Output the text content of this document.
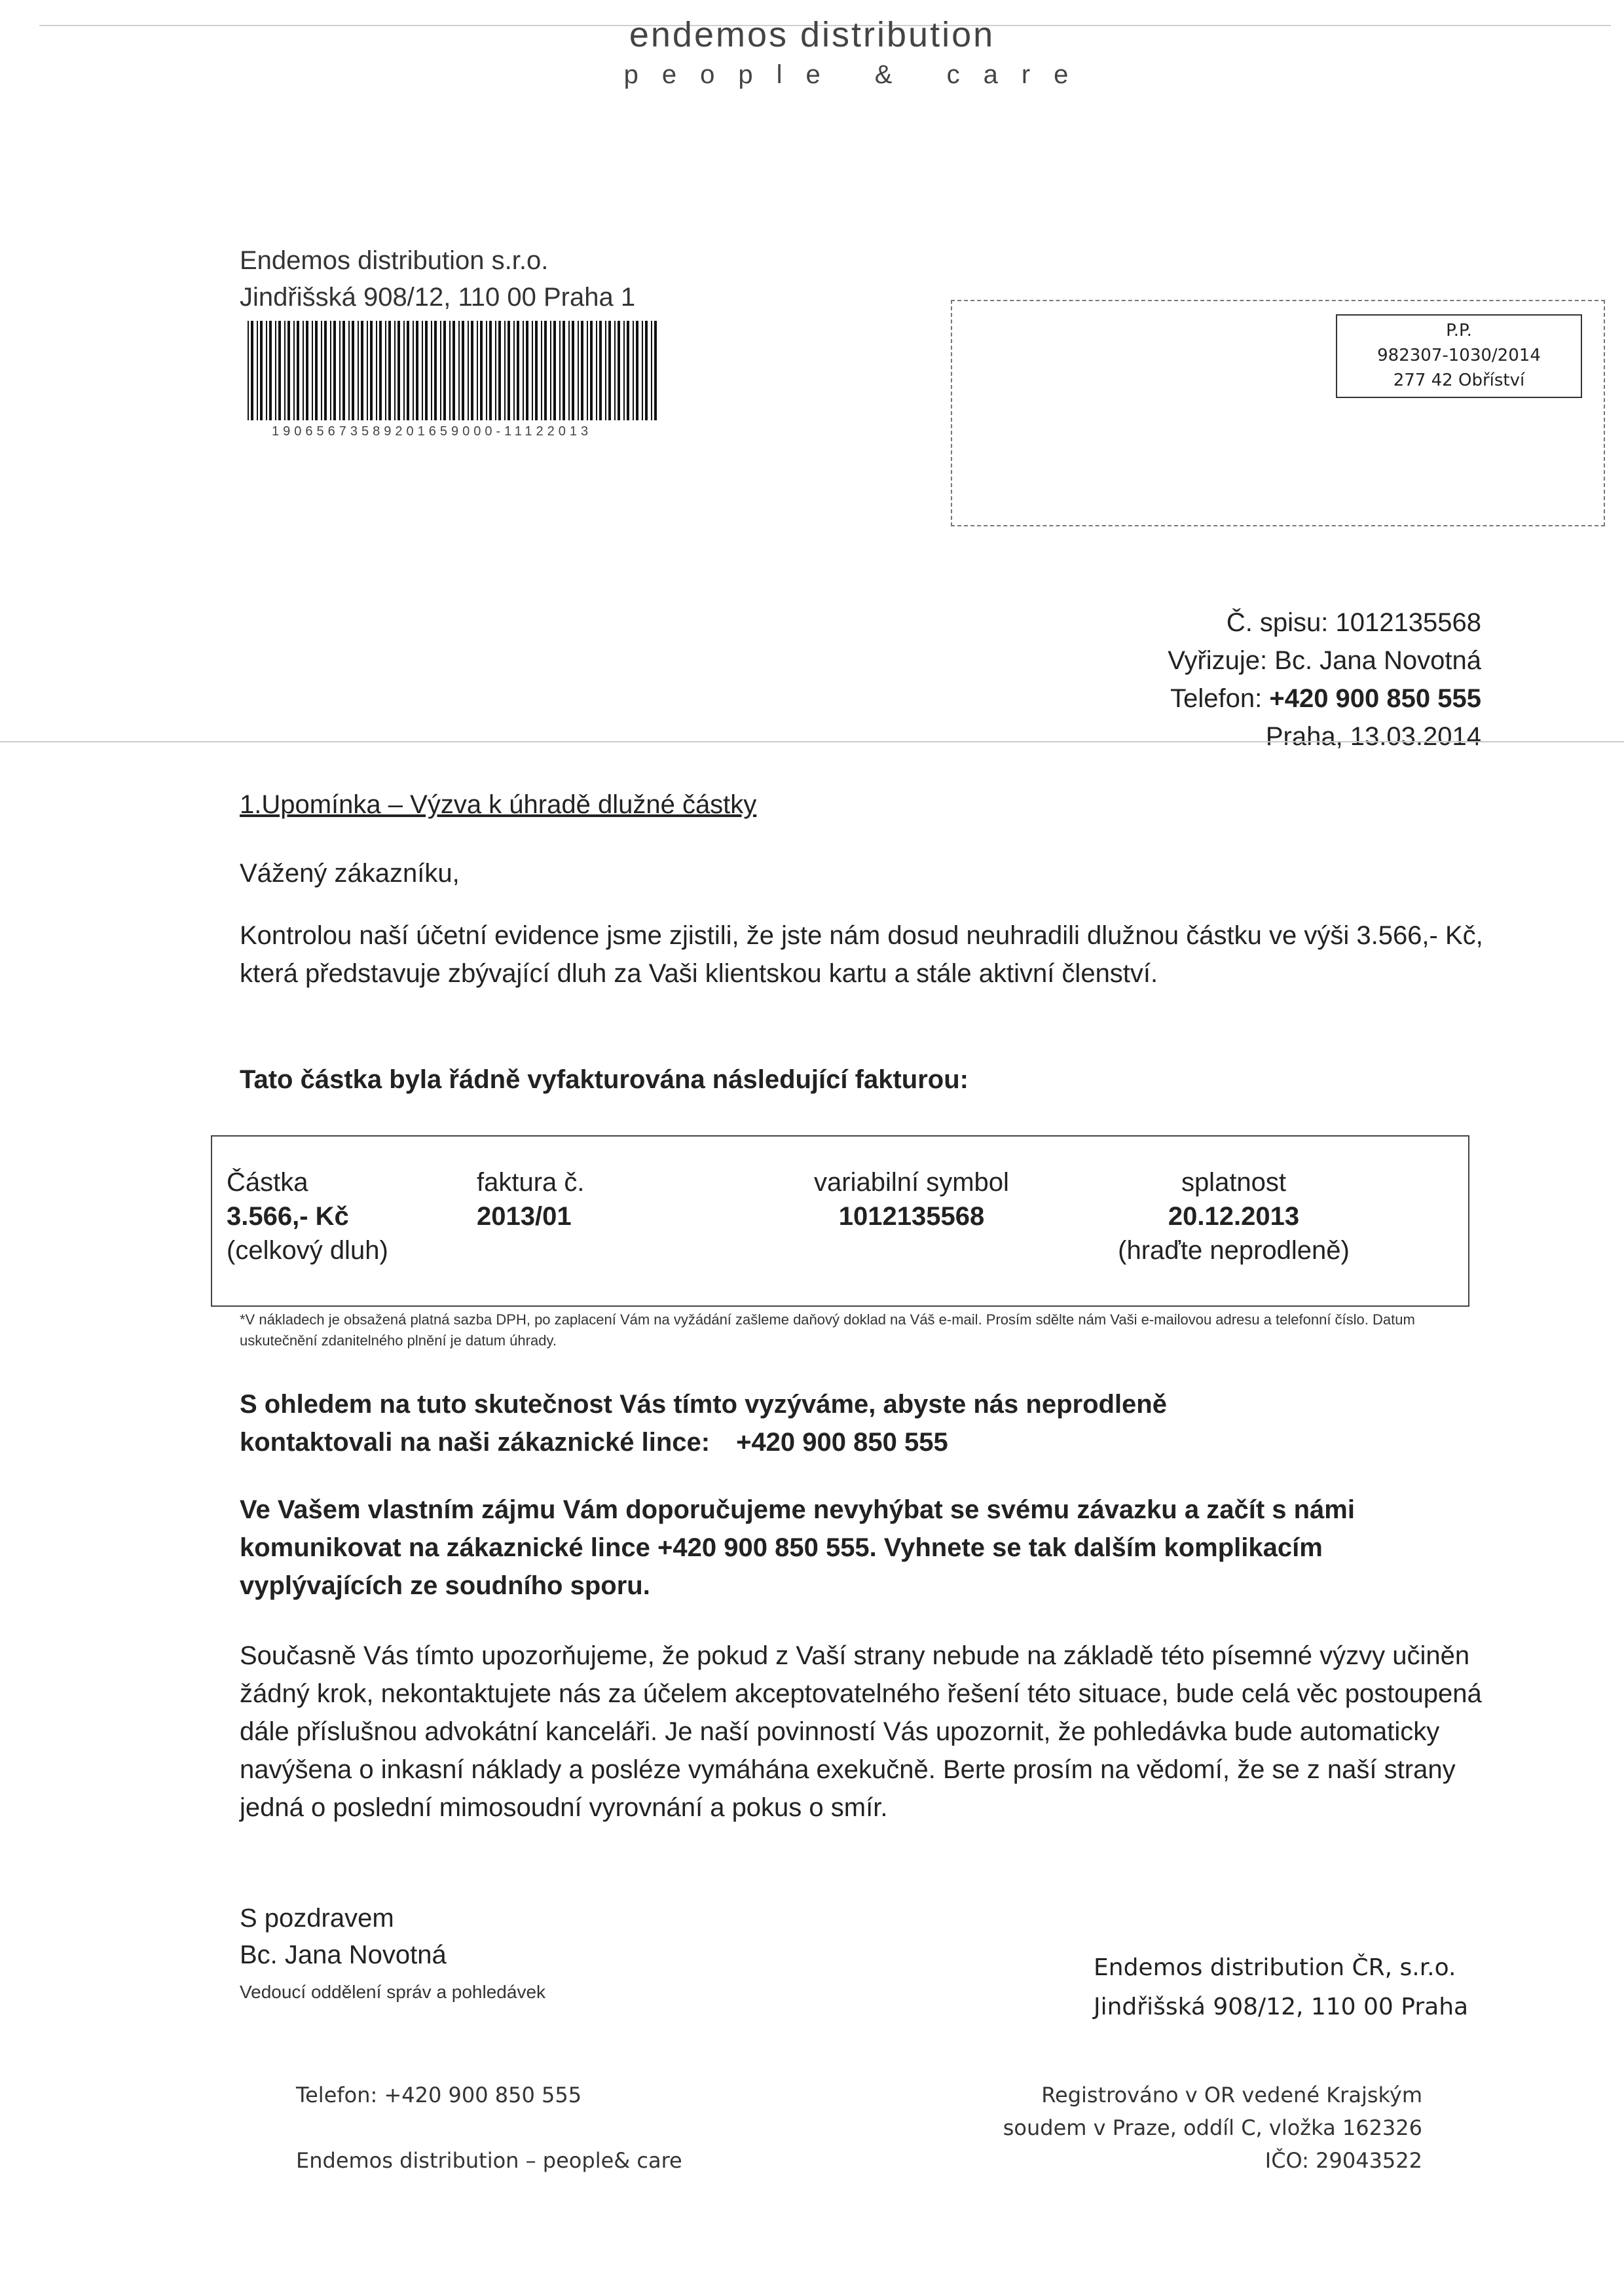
endemos distribution
people & care
Endemos distribution s.r.o.
Jindřišská 908/12, 110 00 Praha 1
19065673589201659000-11122013
P.P.
982307-1030/2014
277 42 Obříství
Č. spisu: 1012135568
Vyřizuje: Bc. Jana Novotná
Telefon: +420 900 850 555
Praha, 13.03.2014
1.Upomínka – Výzva k úhradě dlužné částky
Vážený zákazníku,
Kontrolou naší účetní evidence jsme zjistili, že jste nám dosud neuhradili dlužnou částku ve výši 3.566,- Kč, která představuje zbývající dluh za Vaši klientskou kartu a stále aktivní členství.
Tato částka byla řádně vyfakturována následující fakturou:
Částka
3.566,- Kč
(celkový dluh)
faktura č.
2013/01
variabilní symbol
1012135568
splatnost
20.12.2013
(hraďte neprodleně)
*V nákladech je obsažená platná sazba DPH, po zaplacení Vám na vyžádání zašleme daňový doklad na Váš e-mail. Prosím sdělte nám Vaši e-mailovou adresu a telefonní číslo. Datum uskutečnění zdanitelného plnění je datum úhrady.
S ohledem na tuto skutečnost Vás tímto vyzýváme, abyste nás neprodleně
kontaktovali na naši zákaznické lince: +420 900 850 555
Ve Vašem vlastním zájmu Vám doporučujeme nevyhýbat se svému závazku a začít s námi komunikovat na zákaznické lince +420 900 850 555. Vyhnete se tak dalším komplikacím vyplývajících ze soudního sporu.
Současně Vás tímto upozorňujeme, že pokud z Vaší strany nebude na základě této písemné výzvy učiněn žádný krok, nekontaktujete nás za účelem akceptovatelného řešení této situace, bude celá věc postoupená dále příslušnou advokátní kanceláři. Je naší povinností Vás upozornit, že pohledávka bude automaticky navýšena o inkasní náklady a posléze vymáhána exekučně. Berte prosím na vědomí, že se z naší strany jedná o poslední mimosoudní vyrovnání a pokus o smír.
S pozdravem
Bc. Jana Novotná
Vedoucí oddělení správ a pohledávek
Endemos distribution ČR, s.r.o.
Jindřišská 908/12, 110 00 Praha
Telefon: +420 900 850 555
Endemos distribution – people& care
Registrováno v OR vedené Krajským
soudem v Praze, oddíl C, vložka 162326
IČO: 29043522
